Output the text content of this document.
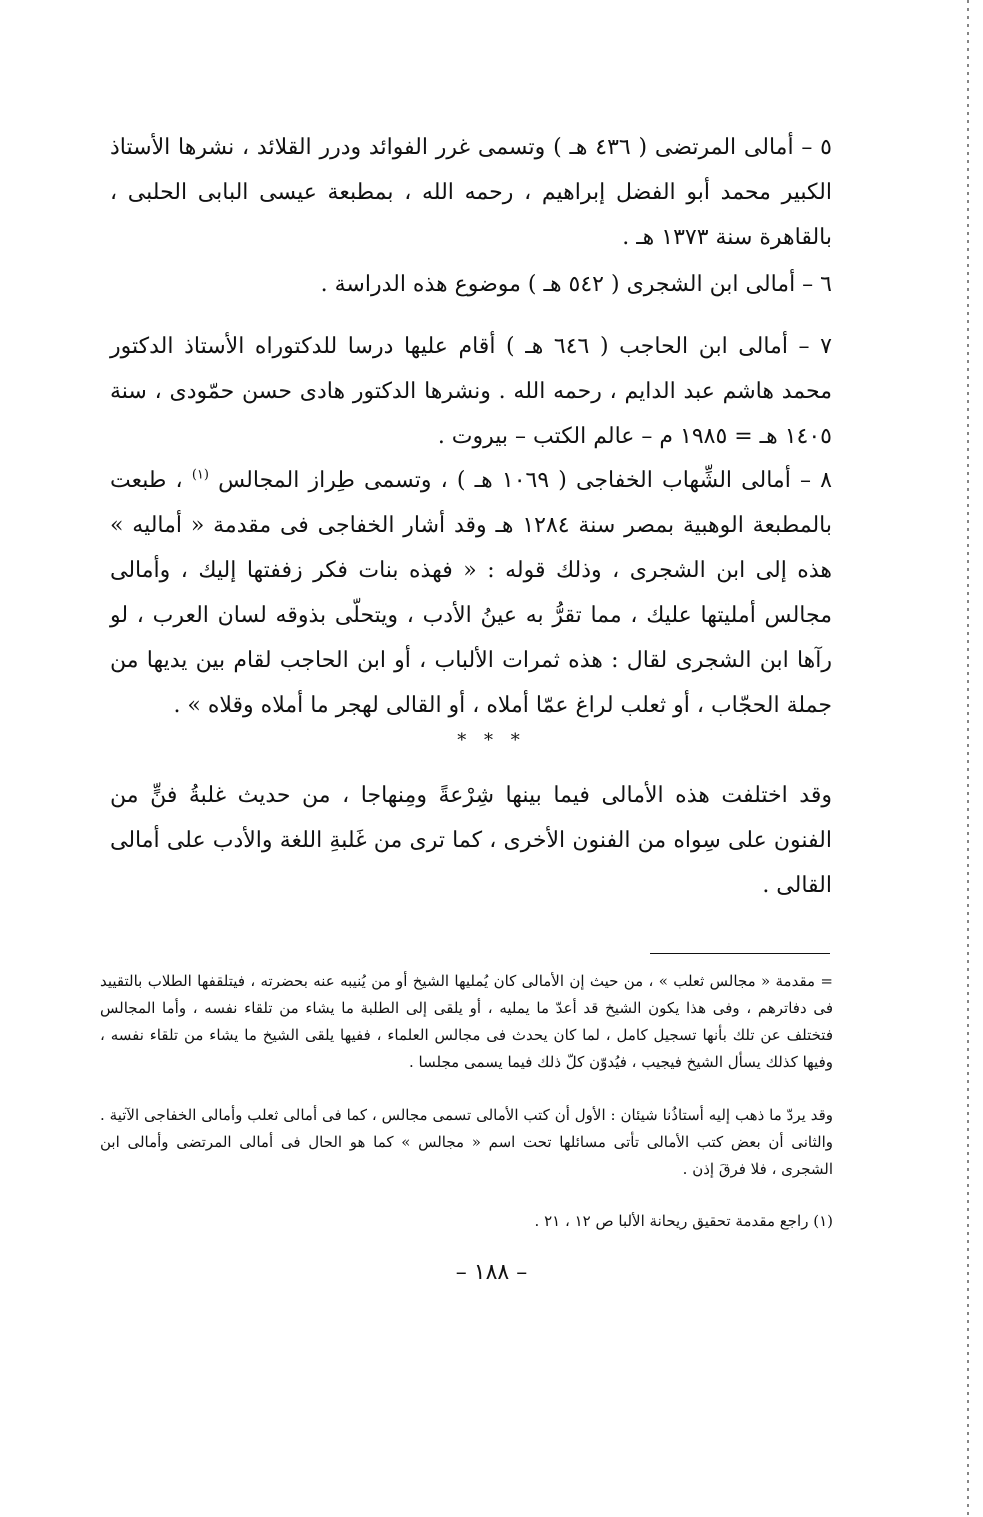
٥ – أمالى المرتضى ( ٤٣٦ هـ ) وتسمى غرر الفوائد ودرر القلائد ، نشرها الأستاذ الكبير محمد أبو الفضل إبراهيم ، رحمه الله ، بمطبعة عيسى البابى الحلبى ، بالقاهرة سنة ١٣٧٣ هـ .

٦ – أمالى ابن الشجرى ( ٥٤٢ هـ ) موضوع هذه الدراسة .

٧ – أمالى ابن الحاجب ( ٦٤٦ هـ ) أقام عليها درسا للدكتوراه الأستاذ الدكتور محمد هاشم عبد الدايم ، رحمه الله . ونشرها الدكتور هادى حسن حمّودى ، سنة ١٤٠٥ هـ = ١٩٨٥ م – عالم الكتب – بيروت .

٨ – أمالى الشِّهاب الخفاجى ( ١٠٦٩ هـ ) ، وتسمى طِراز المجالس $^{(١)}$ ، طبعت بالمطبعة الوهبية بمصر سنة ١٢٨٤ هـ وقد أشار الخفاجى فى مقدمة « أماليه » هذه إلى ابن الشجرى ، وذلك قوله : « فهذه بنات فكر زففتها إليك ، وأمالى مجالس أمليتها عليك ، مما تقرُّ به عينُ الأدب ، ويتحلّى بذوقه لسان العرب ، لو رآها ابن الشجرى لقال : هذه ثمرات الألباب ، أو ابن الحاجب لقام بين يديها من جملة الحجّاب ، أو ثعلب لراغ عمّا أملاه ، أو القالى لهجر ما أملاه وقلاه » .

* * *

وقد اختلفت هذه الأمالى فيما بينها شِرْعةً ومِنهاجا ، من حديث غلبةُ فنٍّ من الفنون على سِواه من الفنون الأخرى ، كما ترى من غَلبةِ اللغة والأدب على أمالى القالى .

= مقدمة « مجالس ثعلب » ، من حيث إن الأمالى كان يُمليها الشيخ أو من يُنيبه عنه بحضرته ، فيتلقفها الطلاب بالتقييد فى دفاترهم ، وفى هذا يكون الشيخ قد أعدّ ما يمليه ، أو يلقى إلى الطلبة ما يشاء من تلقاء نفسه ، وأما المجالس فتختلف عن تلك بأنها تسجيل كامل ، لما كان يحدث فى مجالس العلماء ، ففيها يلقى الشيخ ما يشاء من تلقاء نفسه ، وفيها كذلك يسأل الشيخ فيجيب ، فيُدوّن كلّ ذلك فيما يسمى مجلسا .

وقد يردّ ما ذهب إليه أستاذُنا شيئان : الأول أن كتب الأمالى تسمى مجالس ، كما فى أمالى ثعلب وأمالى الخفاجى الآتية . والثانى أن بعض كتب الأمالى تأتى مسائلها تحت اسم « مجالس » كما هو الحال فى أمالى المرتضى وأمالى ابن الشجرى ، فلا فرقَ إذن .

(١) راجع مقدمة تحقيق ريحانة الألبا ص ١٢ ، ٢١ .

– ١٨٨ –
